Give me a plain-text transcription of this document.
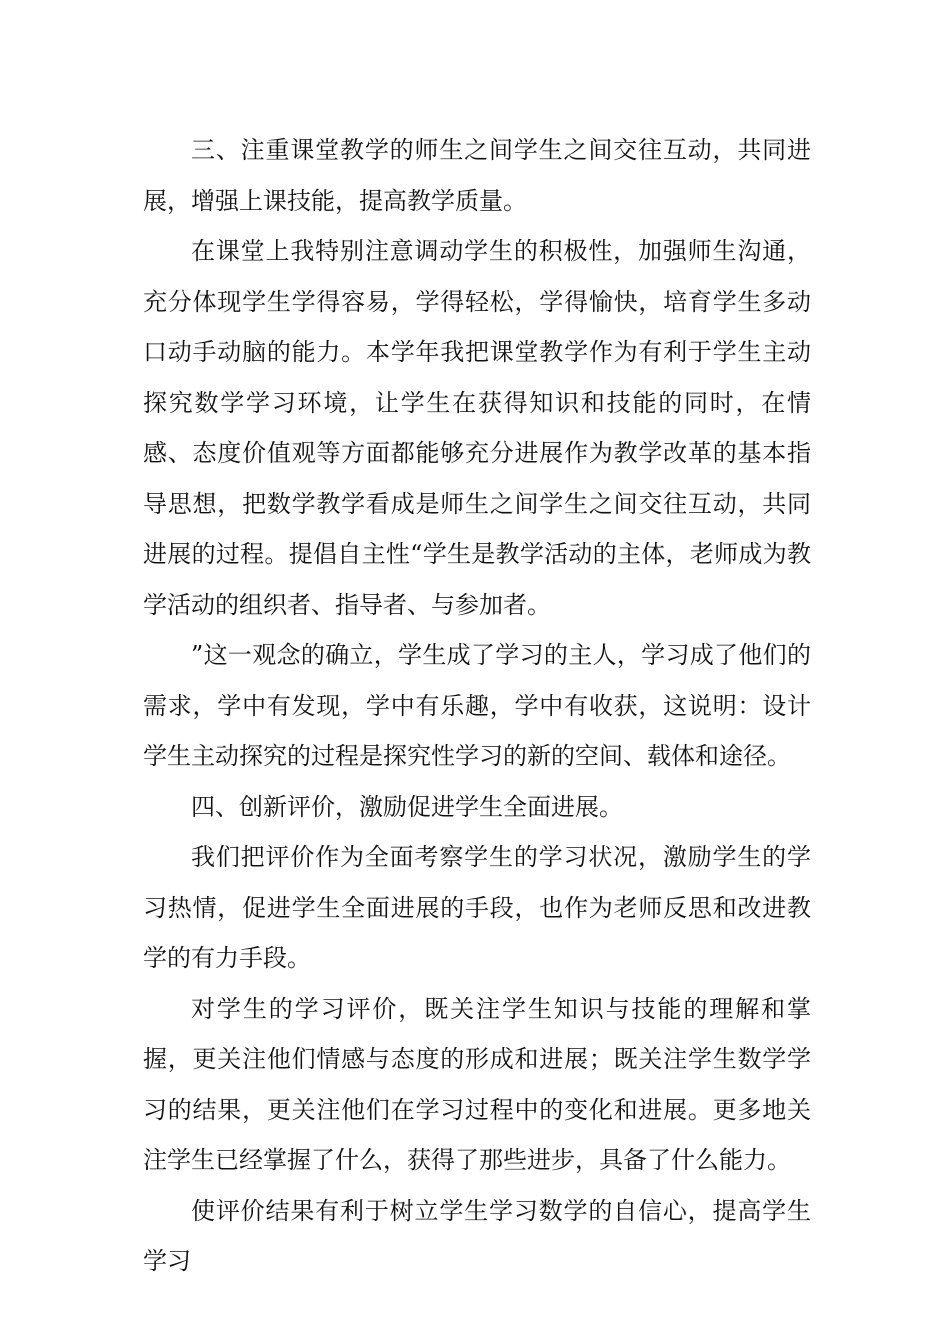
三、注重课堂教学的师生之间学生之间交往互动，共同进展，增强上课技能，提高教学质量。

在课堂上我特别注意调动学生的积极性，加强师生沟通，充分体现学生学得容易，学得轻松，学得愉快，培育学生多动口动手动脑的能力。本学年我把课堂教学作为有利于学生主动探究数学学习环境，让学生在获得知识和技能的同时，在情感、态度价值观等方面都能够充分进展作为教学改革的基本指导思想，把数学教学看成是师生之间学生之间交往互动，共同进展的过程。提倡自主性“学生是教学活动的主体，老师成为教学活动的组织者、指导者、与参加者。

”这一观念的确立，学生成了学习的主人，学习成了他们的需求，学中有发现，学中有乐趣，学中有收获，这说明：设计学生主动探究的过程是探究性学习的新的空间、载体和途径。

四、创新评价，激励促进学生全面进展。

我们把评价作为全面考察学生的学习状况，激励学生的学习热情，促进学生全面进展的手段，也作为老师反思和改进教学的有力手段。

对学生的学习评价，既关注学生知识与技能的理解和掌握，更关注他们情感与态度的形成和进展；既关注学生数学学习的结果，更关注他们在学习过程中的变化和进展。更多地关注学生已经掌握了什么，获得了那些进步，具备了什么能力。

使评价结果有利于树立学生学习数学的自信心，提高学生学习
